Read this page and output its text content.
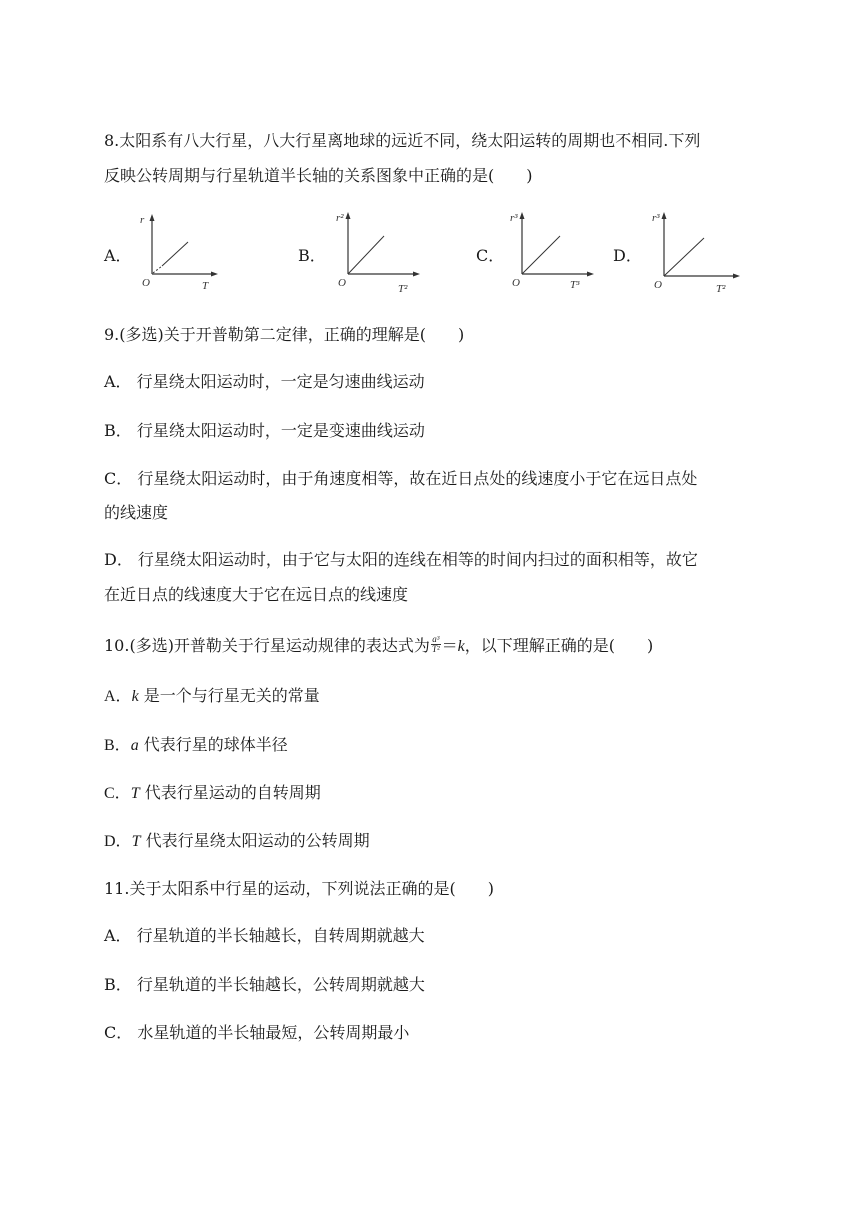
8.太阳系有八大行星，八大行星离地球的远近不同，绕太阳运转的周期也不相同.下列
反映公转周期与行星轨道半长轴的关系图象中正确的是(　　)
A．
r
O	T
B．
r²
O	T²
C．
r³
O	T³
D．
r³
O	T²
9.(多选)关于开普勒第二定律，正确的理解是(　　)
A． 行星绕太阳运动时，一定是匀速曲线运动
B． 行星绕太阳运动时，一定是变速曲线运动
C． 行星绕太阳运动时，由于角速度相等，故在近日点处的线速度小于它在远日点处
的线速度
D． 行星绕太阳运动时，由于它与太阳的连线在相等的时间内扫过的面积相等，故它
在近日点的线速度大于它在远日点的线速度
10.(多选)开普勒关于行星运动规律的表达式为 $\frac{\text{a³}}{\text{T²}} =k$，以下理解正确的是(　　)
A．k 是一个与行星无关的常量
B．a 代表行星的球体半径
C．T 代表行星运动的自转周期
D．T 代表行星绕太阳运动的公转周期
11.关于太阳系中行星的运动，下列说法正确的是(　　)
A． 行星轨道的半长轴越长，自转周期就越大
B． 行星轨道的半长轴越长，公转周期就越大
C． 水星轨道的半长轴最短，公转周期最小
